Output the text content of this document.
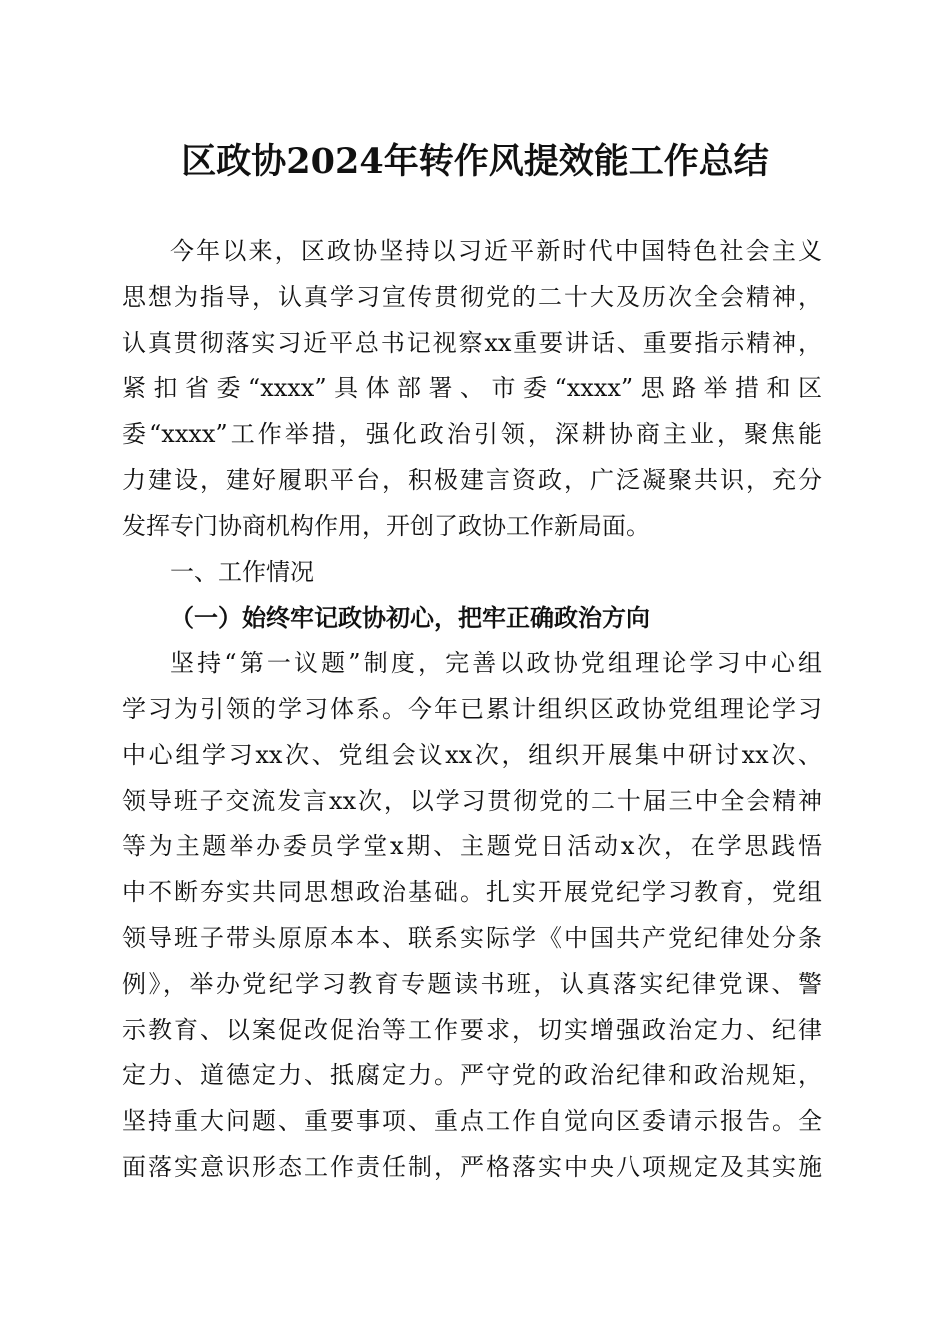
区政协2024年转作风提效能工作总结
今年以来，区政协坚持以习近平新时代中国特色社会主义
思想为指导，认真学习宣传贯彻党的二十大及历次全会精神，
认真贯彻落实习近平总书记视察xx重要讲话、重要指示精神，
紧扣省委“xxxx”具体部署、市委“xxxx”思路举措和区
委“xxxx”工作举措，强化政治引领，深耕协商主业，聚焦能
力建设，建好履职平台，积极建言资政，广泛凝聚共识，充分
发挥专门协商机构作用，开创了政协工作新局面。
一、工作情况
（一）始终牢记政协初心，把牢正确政治方向
坚持“第一议题”制度，完善以政协党组理论学习中心组
学习为引领的学习体系。今年已累计组织区政协党组理论学习
中心组学习xx次、党组会议xx次，组织开展集中研讨xx次、
领导班子交流发言xx次，以学习贯彻党的二十届三中全会精神
等为主题举办委员学堂x期、主题党日活动x次，在学思践悟
中不断夯实共同思想政治基础。扎实开展党纪学习教育，党组
领导班子带头原原本本、联系实际学《中国共产党纪律处分条
例》，举办党纪学习教育专题读书班，认真落实纪律党课、警
示教育、以案促改促治等工作要求，切实增强政治定力、纪律
定力、道德定力、抵腐定力。严守党的政治纪律和政治规矩，
坚持重大问题、重要事项、重点工作自觉向区委请示报告。全
面落实意识形态工作责任制，严格落实中央八项规定及其实施
